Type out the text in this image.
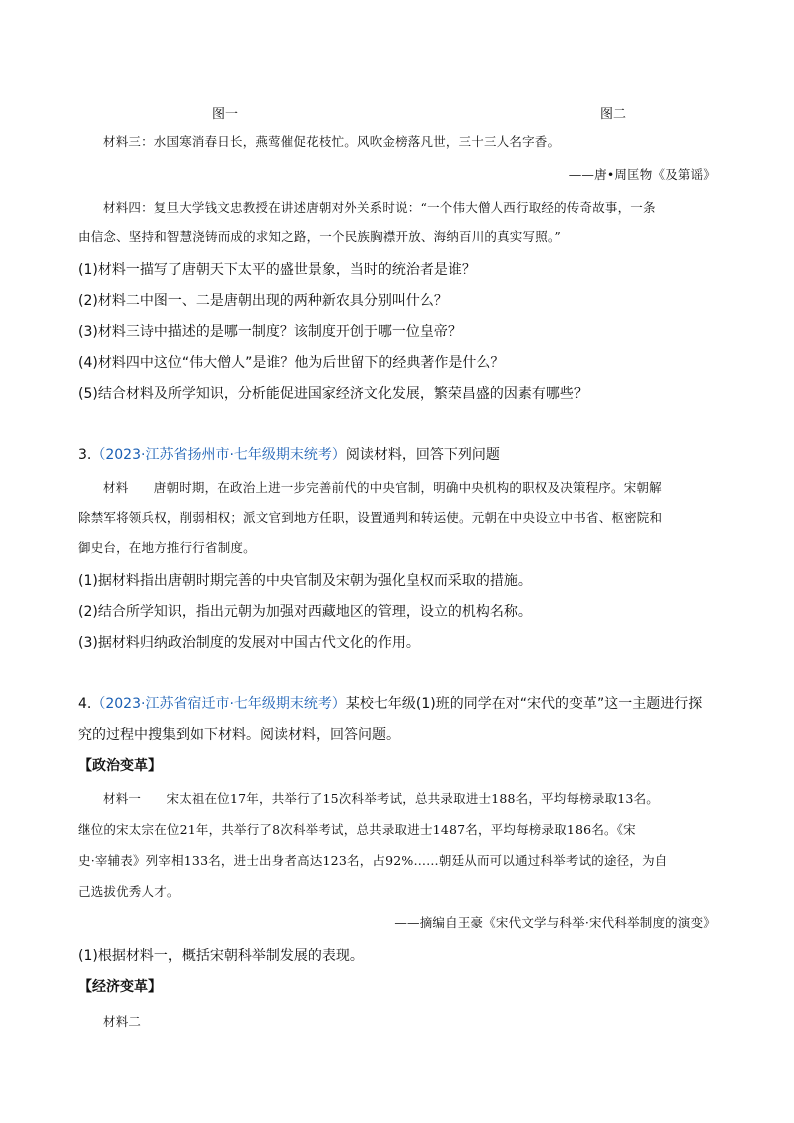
图一	图二
材料三：水国寒消春日长，燕莺催促花枝忙。风吹金榜落凡世，三十三人名字香。
——唐•周匡物《及第谣》
材料四：复旦大学钱文忠教授在讲述唐朝对外关系时说：“一个伟大僧人西行取经的传奇故事，一条
由信念、坚持和智慧浇铸而成的求知之路，一个民族胸襟开放、海纳百川的真实写照。”
(1)材料一描写了唐朝天下太平的盛世景象，当时的统治者是谁？
(2)材料二中图一、二是唐朝出现的两种新农具分别叫什么？
(3)材料三诗中描述的是哪一制度？该制度开创于哪一位皇帝？
(4)材料四中这位“伟大僧人”是谁？他为后世留下的经典著作是什么？
(5)结合材料及所学知识，分析能促进国家经济文化发展，繁荣昌盛的因素有哪些？
3.（2023·江苏省扬州市·七年级期末统考）阅读材料，回答下列问题
材料　　唐朝时期，在政治上进一步完善前代的中央官制，明确中央机构的职权及决策程序。宋朝解
除禁军将领兵权，削弱相权；派文官到地方任职，设置通判和转运使。元朝在中央设立中书省、枢密院和
御史台，在地方推行行省制度。
(1)据材料指出唐朝时期完善的中央官制及宋朝为强化皇权而采取的措施。
(2)结合所学知识，指出元朝为加强对西藏地区的管理，设立的机构名称。
(3)据材料归纳政治制度的发展对中国古代文化的作用。
4.（2023·江苏省宿迁市·七年级期末统考）某校七年级(1)班的同学在对“宋代的变革”这一主题进行探
究的过程中搜集到如下材料。阅读材料，回答问题。
【政治变革】
材料一　　宋太祖在位17年，共举行了15次科举考试，总共录取进士188名，平均每榜录取13名。
继位的宋太宗在位21年，共举行了8次科举考试，总共录取进士1487名，平均每榜录取186名。《宋
史·宰辅表》列宰相133名，进士出身者高达123名，占92%……朝廷从而可以通过科举考试的途径，为自
己选拔优秀人才。
——摘编自王豪《宋代文学与科举·宋代科举制度的演变》
(1)根据材料一，概括宋朝科举制发展的表现。
【经济变革】
材料二
